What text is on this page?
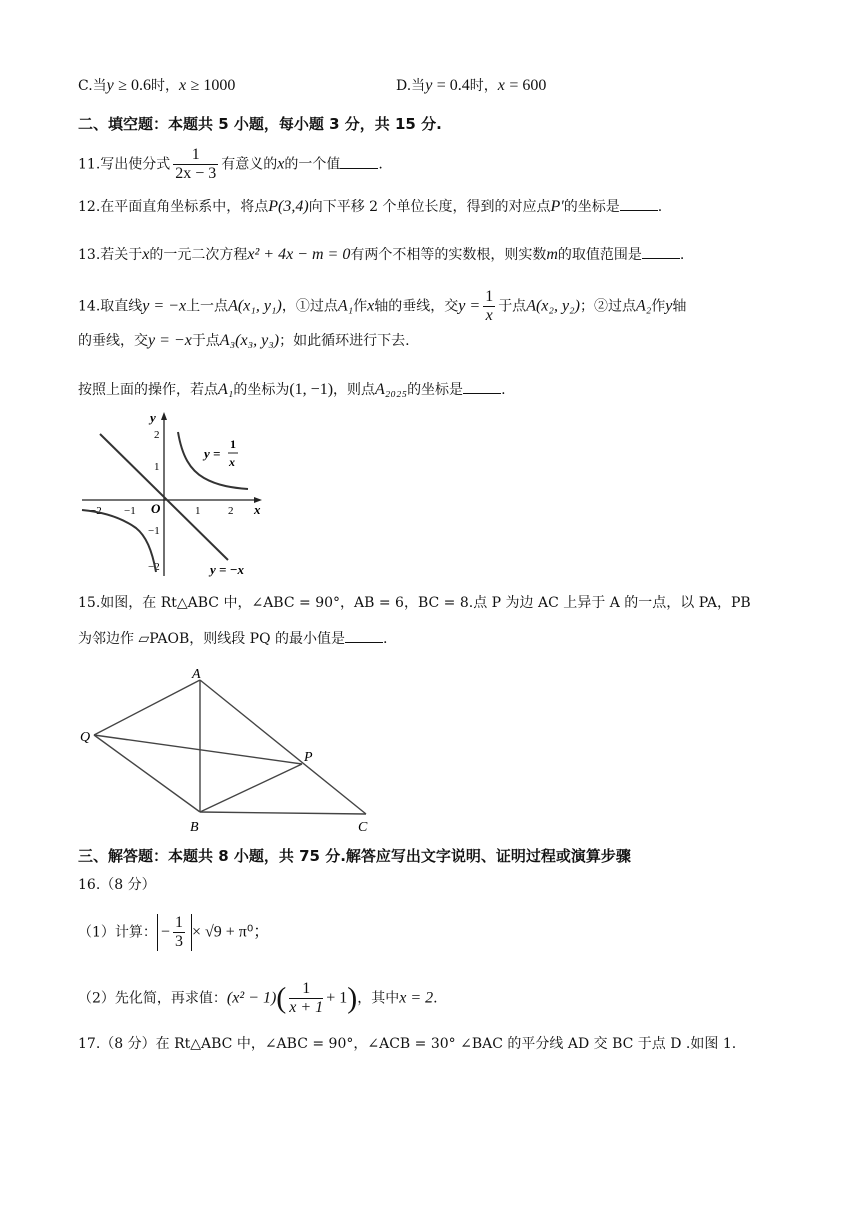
C.当y ≥ 0.6时，x ≥ 1000	D.当y = 0.4时，x = 600
二、填空题：本题共 5 小题，每小题 3 分，共 15 分.
11.写出使分式 $\frac{1}{2x - 3}$ 有意义的x的一个值	.
12.在平面直角坐标系中，将点P(3,4)向下平移 2 个单位长度，得到的对应点P′的坐标是	.
13.若关于x的一元二次方程x² + 4x − m = 0有两个不相等的实数根，则实数m的取值范围是	.
14.取直线y = −x上一点A(x₁, y₁)，①过点A₁作x轴的垂线，交$y = \frac{1}{x}$ 于点A(x₂, y₂)；②过点A₂作y轴
的垂线，交y = −x于点A₃(x₃, y₃)；如此循环进行下去.
按照上面的操作，若点A₁的坐标为(1, −1)，则点A₂₀₂₅的坐标是	.
y
x
O
−2 −1	1	2
2
1
−1
−2
y =
1
x
y = −x
15.如图，在 Rt△ABC 中，∠ABC = 90°，AB = 6，BC = 8.点 P 为边 AC 上异于 A 的一点，以 PA，PB
为邻边作 ▱PAOB，则线段 PQ 的最小值是	.
A
Q
P
B	C
三、解答题：本题共 8 小题，共 75 分.解答应写出文字说明、证明过程或演算步骤
16.（8 分）
（1）计算： − $\frac{1}{3} \times √9 + \pi^0$；
（2）先化简，再求值：$(x^2 - 1)( \frac{1}{x + 1} + 1)$，其中x = 2.
17.（8 分）在 Rt△ABC 中，∠ABC = 90°，∠ACB = 30° ∠BAC 的平分线 AD 交 BC 于点 D .如图 1.
